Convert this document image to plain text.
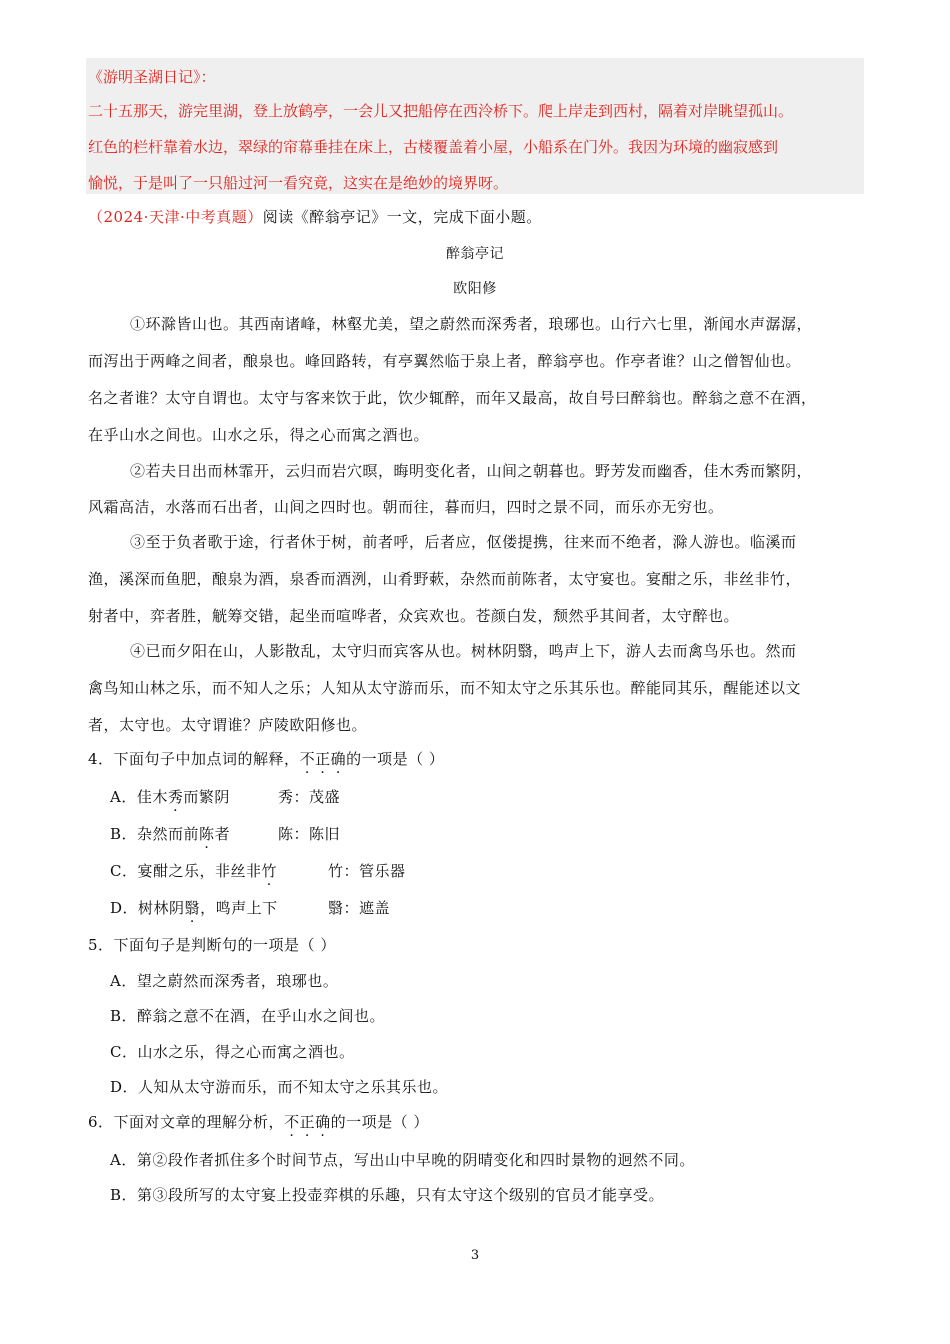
《游明圣湖日记》：
二十五那天，游完里湖，登上放鹤亭，一会儿又把船停在西泠桥下。爬上岸走到西村，隔着对岸眺望孤山。
红色的栏杆靠着水边，翠绿的帘幕垂挂在床上，古楼覆盖着小屋，小船系在门外。我因为环境的幽寂感到
愉悦，于是叫了一只船过河一看究竟，这实在是绝妙的境界呀。
（2024·天津·中考真题）阅读《醉翁亭记》一文，完成下面小题。
醉翁亭记
欧阳修
①环滁皆山也。其西南诸峰，林壑尤美，望之蔚然而深秀者，琅琊也。山行六七里，渐闻水声潺潺，
而泻出于两峰之间者，酿泉也。峰回路转，有亭翼然临于泉上者，醉翁亭也。作亭者谁？山之僧智仙也。
名之者谁？太守自谓也。太守与客来饮于此，饮少辄醉，而年又最高，故自号曰醉翁也。醉翁之意不在酒，
在乎山水之间也。山水之乐，得之心而寓之酒也。
②若夫日出而林霏开，云归而岩穴暝，晦明变化者，山间之朝暮也。野芳发而幽香，佳木秀而繁阴，
风霜高洁，水落而石出者，山间之四时也。朝而往，暮而归，四时之景不同，而乐亦无穷也。
③至于负者歌于途，行者休于树，前者呼，后者应，伛偻提携，往来而不绝者，滁人游也。临溪而
渔，溪深而鱼肥，酿泉为酒，泉香而酒洌，山肴野蔌，杂然而前陈者，太守宴也。宴酣之乐，非丝非竹，
射者中，弈者胜，觥筹交错，起坐而喧哗者，众宾欢也。苍颜白发，颓然乎其间者，太守醉也。
④已而夕阳在山，人影散乱，太守归而宾客从也。树林阴翳，鸣声上下，游人去而禽鸟乐也。然而
禽鸟知山林之乐，而不知人之乐；人知从太守游而乐，而不知太守之乐其乐也。醉能同其乐，醒能述以文
者，太守也。太守谓谁？庐陵欧阳修也。
4．下面句子中加点词的解释，不正确的一项是（ ）
A．佳木秀而繁阴	秀：茂盛
B．杂然而前陈者	陈：陈旧
C．宴酣之乐，非丝非竹	竹：管乐器
D．树林阴翳，鸣声上下	翳：遮盖
5．下面句子是判断句的一项是（ ）
A．望之蔚然而深秀者，琅琊也。
B．醉翁之意不在酒，在乎山水之间也。
C．山水之乐，得之心而寓之酒也。
D．人知从太守游而乐，而不知太守之乐其乐也。
6．下面对文章的理解分析，不正确的一项是（ ）
A．第②段作者抓住多个时间节点，写出山中早晚的阴晴变化和四时景物的迥然不同。
B．第③段所写的太守宴上投壶弈棋的乐趣，只有太守这个级别的官员才能享受。
3
